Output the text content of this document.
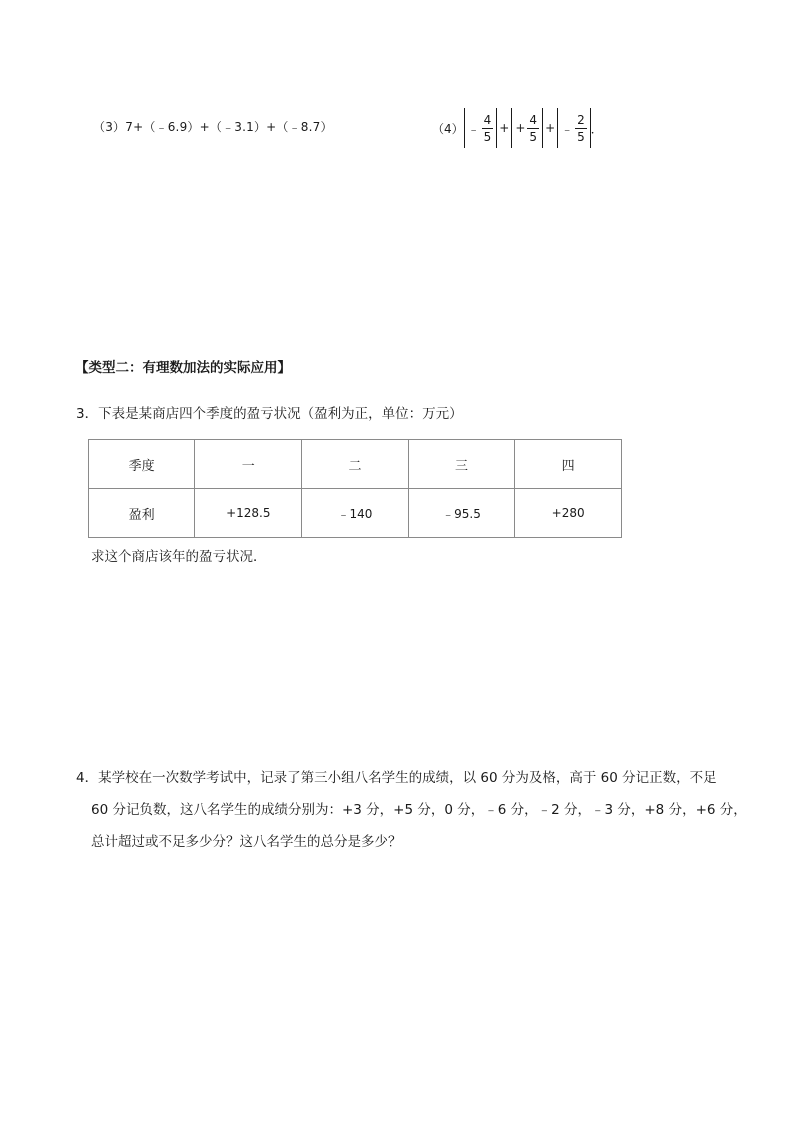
（3）7+（﹣6.9）+（﹣3.1）+（﹣8.7）	（4） ﹣ $\frac{4}{5}$ + + $\frac{4}{5}$ + ﹣ $\frac{2}{5}$ ．
【类型二：有理数加法的实际应用】
3．下表是某商店四个季度的盈亏状况（盈利为正，单位：万元）
季度	一	二	三	四
盈利	+128.5	﹣140	﹣95.5	+280
求这个商店该年的盈亏状况．
4．某学校在一次数学考试中，记录了第三小组八名学生的成绩，以 60 分为及格，高于 60 分记正数，不足
60 分记负数，这八名学生的成绩分别为：+3 分，+5 分，0 分，﹣6 分，﹣2 分，﹣3 分，+8 分，+6 分，
总计超过或不足多少分？这八名学生的总分是多少？
